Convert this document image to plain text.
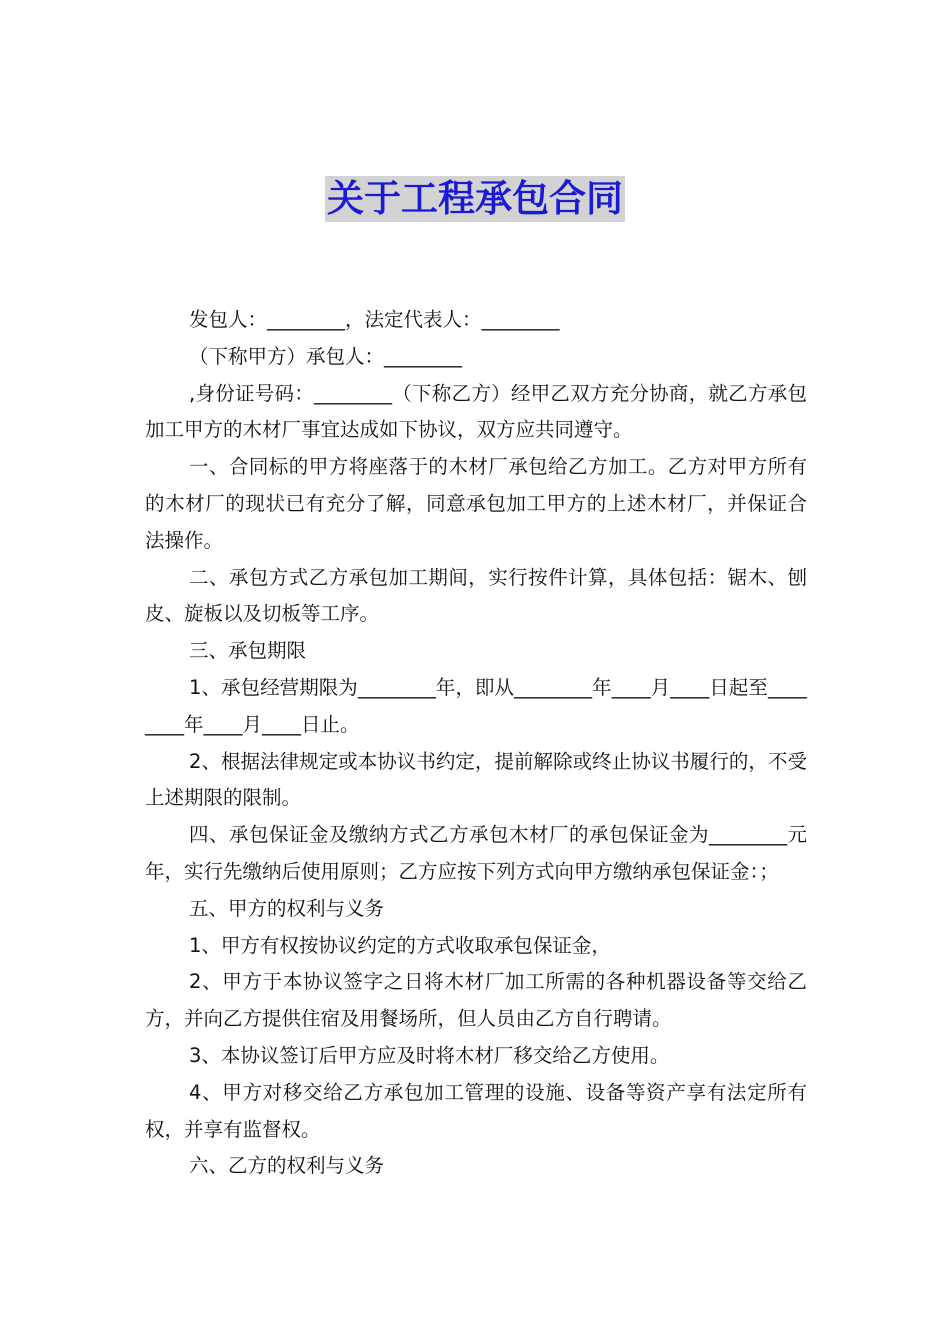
关于工程承包合同

发包人：________，法定代表人：________

（下称甲方）承包人：________

,身份证号码：________（下称乙方）经甲乙双方充分协商，就乙方承包加工甲方的木材厂事宜达成如下协议，双方应共同遵守。

一、合同标的甲方将座落于的木材厂承包给乙方加工。乙方对甲方所有的木材厂的现状已有充分了解，同意承包加工甲方的上述木材厂，并保证合法操作。

二、承包方式乙方承包加工期间，实行按件计算，具体包括：锯木、刨皮、旋板以及切板等工序。

三、承包期限

1、承包经营期限为________年，即从________年____月____日起至________年____月____日止。

2、根据法律规定或本协议书约定，提前解除或终止协议书履行的，不受上述期限的限制。

四、承包保证金及缴纳方式乙方承包木材厂的承包保证金为________元年，实行先缴纳后使用原则；乙方应按下列方式向甲方缴纳承包保证金：；

五、甲方的权利与义务

1、甲方有权按协议约定的方式收取承包保证金，

2、甲方于本协议签字之日将木材厂加工所需的各种机器设备等交给乙方，并向乙方提供住宿及用餐场所，但人员由乙方自行聘请。

3、本协议签订后甲方应及时将木材厂移交给乙方使用。

4、甲方对移交给乙方承包加工管理的设施、设备等资产享有法定所有权，并享有监督权。

六、乙方的权利与义务
